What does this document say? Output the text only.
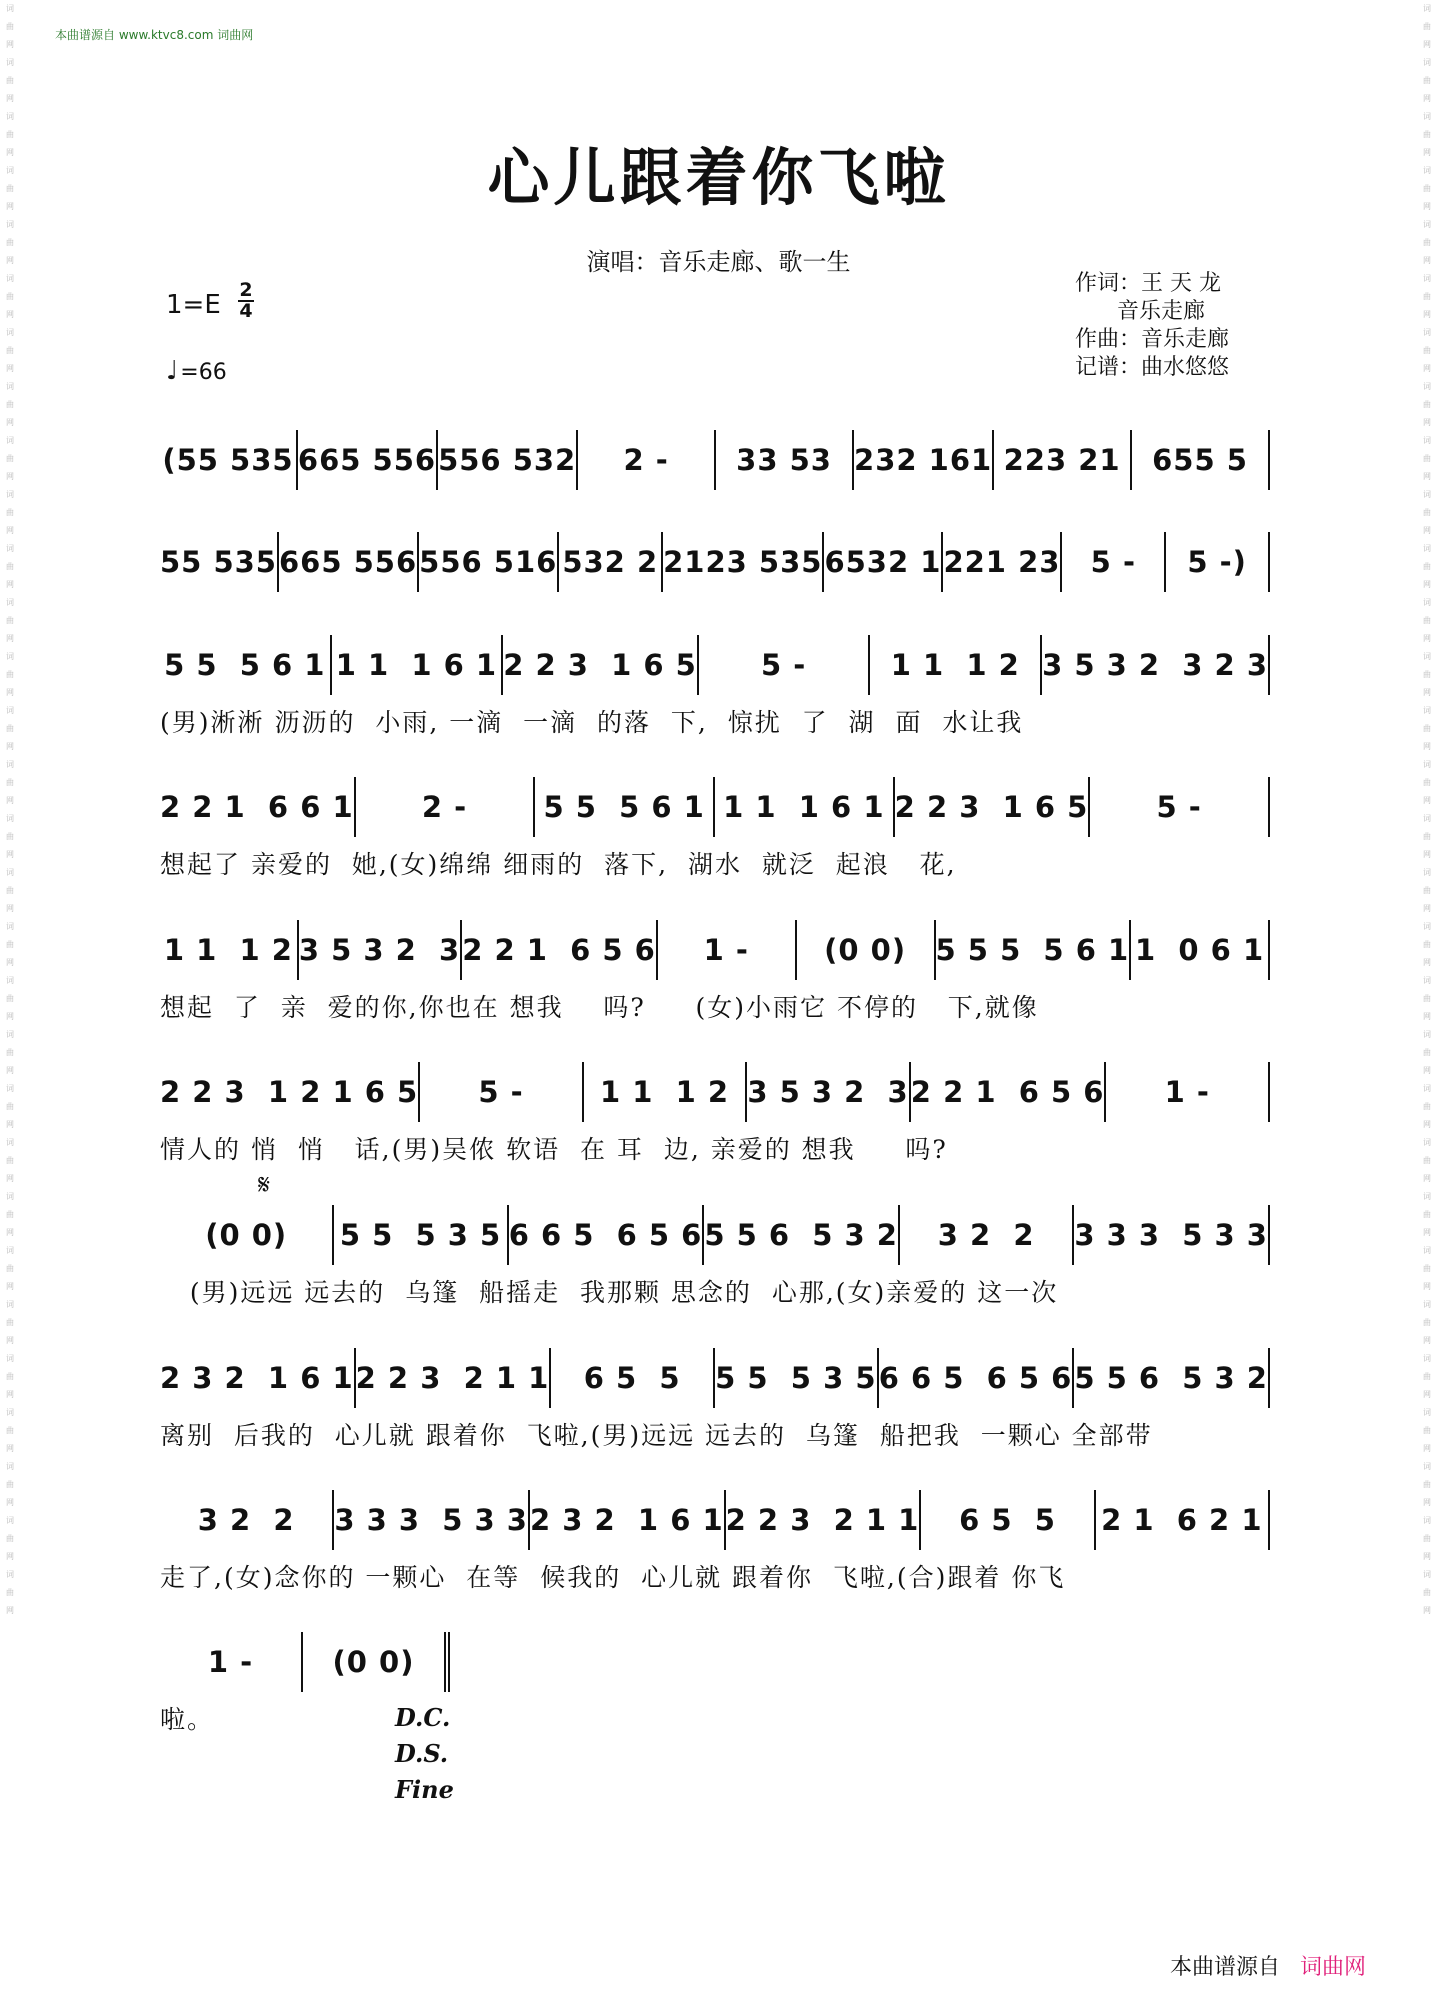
词曲网词曲网词曲网词曲网词曲网词曲网词曲网词曲网词曲网词曲网词曲网词曲网词曲网词曲网词曲网词曲网词曲网词曲网词曲网词曲网词曲网词曲网词曲网词曲网词曲网词曲网词曲网词曲网词曲网词曲网
词曲网词曲网词曲网词曲网词曲网词曲网词曲网词曲网词曲网词曲网词曲网词曲网词曲网词曲网词曲网词曲网词曲网词曲网词曲网词曲网词曲网词曲网词曲网词曲网词曲网词曲网词曲网词曲网词曲网词曲网
本曲谱源自 www.ktvc8.com 词曲网
心儿跟着你飞啦
演唱：音乐走廊、歌一生
作词：王 天 龙
音乐走廊
作曲：音乐走廊
记谱：曲水悠悠
1=E 2
4
♩=66
(55 535 665 556 556 532	2 -	33 53 232 161 223 21	655 5
55 535 665 556 556 516 532 2 2123 535 6532 1 221 23	5 -	5 -)
5 5  5 6 1 1 1  1 6 1 2 2 3  1 6 5	5 -	1 1  1 2 3 5 3 2  3 2 3
(男)淅淅 沥沥的  小雨, 一滴  一滴  的落  下,  惊扰  了  湖  面  水让我
2 2 1  6 6 1	2 -	5 5  5 6 1 1 1  1 6 1 2 2 3  1 6 5	5 -
想起了 亲爱的  她,(女)绵绵 细雨的  落下,  湖水  就泛  起浪   花,
1 1  1 2 3 5 3 2  3 2 2 1  6 5 6	1 -	(0 0)	5 5 5  5 6 1 1  0 6 1
想起  了  亲  爱的你,你也在 想我    吗?     (女)小雨它 不停的   下,就像
2 2 3  1 2 1 6 5	5 -	1 1  1 2 3 5 3 2  3 2 2 1  6 5 6	1 -
情人的 悄  悄   话,(男)吴侬 软语  在 耳  边, 亲爱的 想我     吗?
(0 0)	5 5  5 3 5 6 6 5  6 5 6 5 5 6  5 3 2	3 2  2	3 3 3  5 3 3
(男)远远 远去的  乌篷  船摇走  我那颗 思念的  心那,(女)亲爱的 这一次
2 3 2  1 6 1 2 2 3  2 1 1	6 5  5	5 5  5 3 5 6 6 5  6 5 6 5 5 6  5 3 2
离别  后我的  心儿就 跟着你  飞啦,(男)远远 远去的  乌篷  船把我  一颗心 全部带
3 2  2	3 3 3  5 3 3 2 3 2  1 6 1 2 2 3  2 1 1	6 5  5	2 1  6 2 1
走了,(女)念你的 一颗心  在等  候我的  心儿就 跟着你  飞啦,(合)跟着 你飞
1 -	(0 0)
啦。
𝄋
D.C.
D.S.
Fine
本曲谱源自 词曲网
